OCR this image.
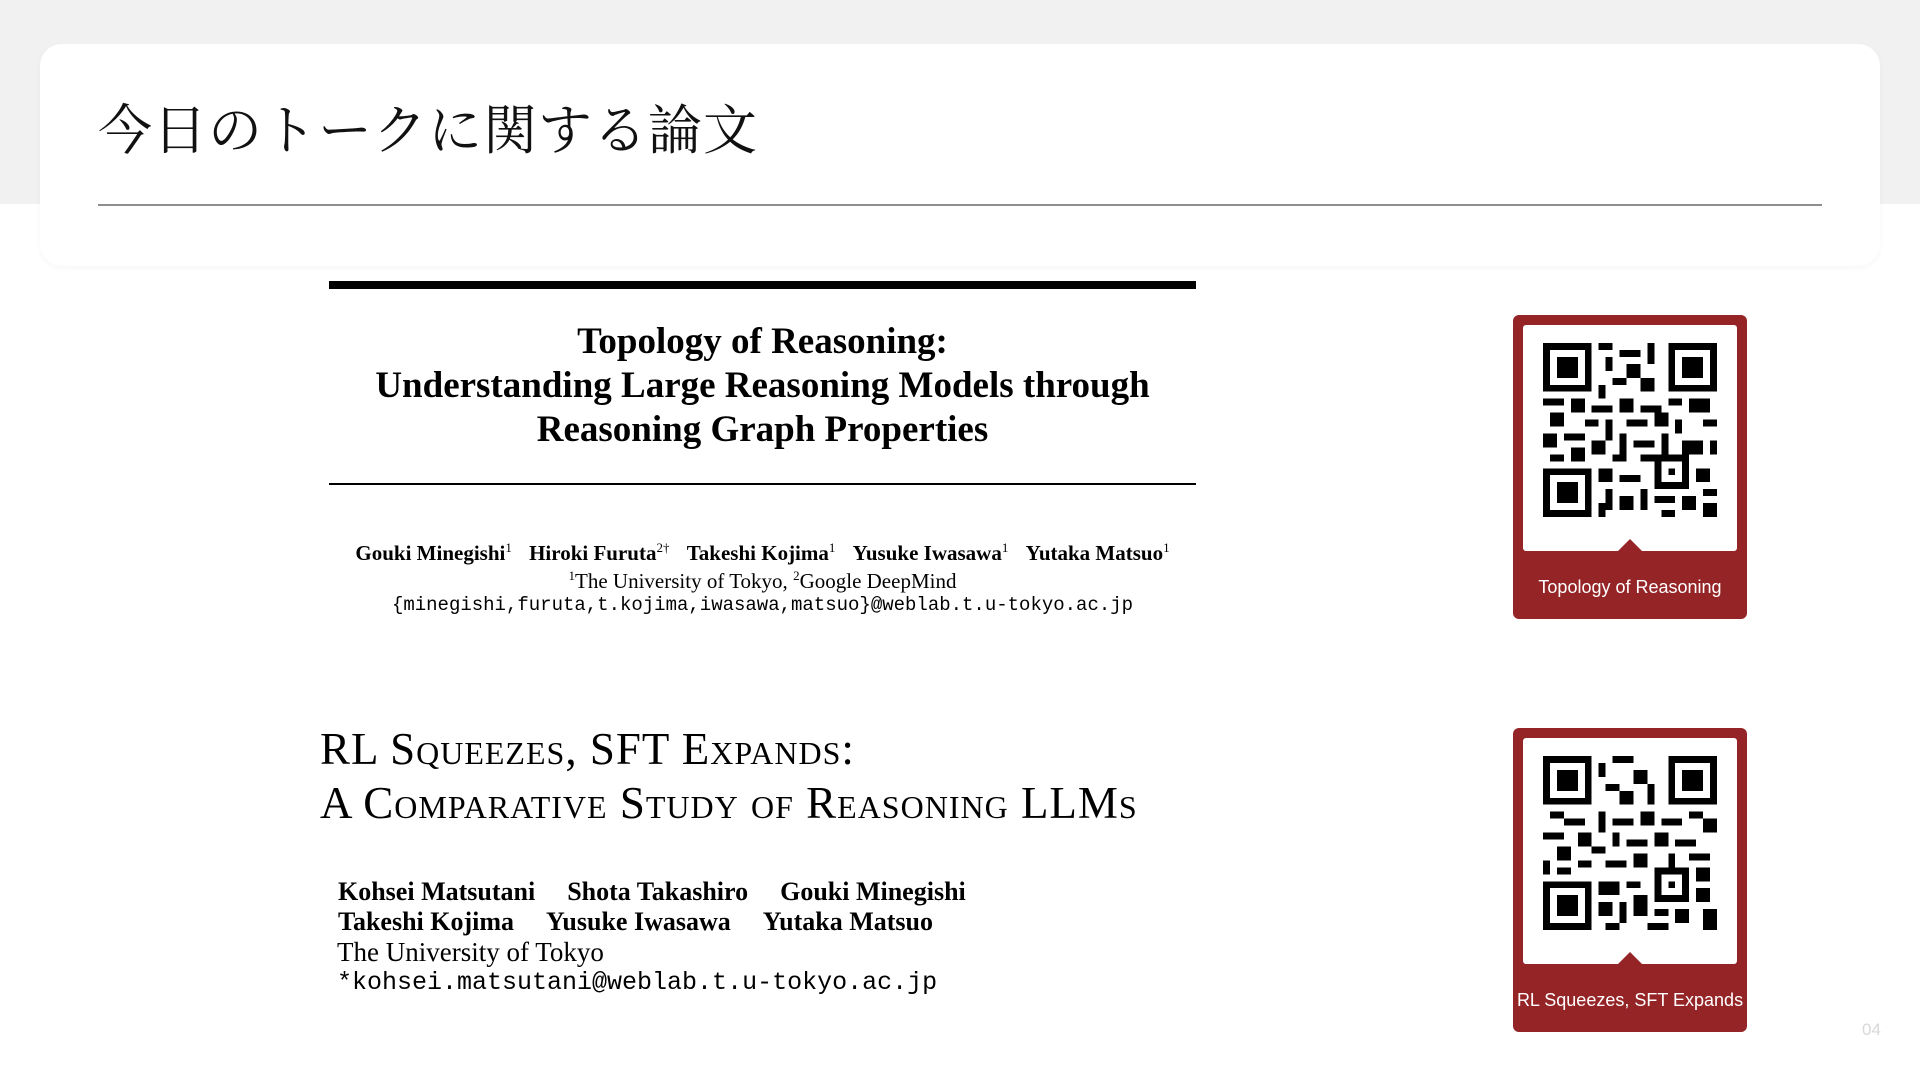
今日のトークに関する論文
Topology of Reasoning:
Understanding Large Reasoning Models through
Reasoning Graph Properties
Gouki Minegishi$^1$ Hiroki Furuta$^{2\dagger}$ Takeshi Kojima$^1$ Yusuke Iwasawa$^1$ Yutaka Matsuo$^1$
$^1$The University of Tokyo, $^2$Google DeepMind
{minegishi,furuta,t.kojima,iwasawa,matsuo}@weblab.t.u-tokyo.ac.jp
RL Squeezes, SFT Expands:
A Comparative Study of Reasoning LLMs
Kohsei Matsutani Shota Takashiro Gouki Minegishi
Takeshi Kojima Yusuke Iwasawa Yutaka Matsuo
The University of Tokyo
*kohsei.matsutani@weblab.t.u-tokyo.ac.jp
Topology of Reasoning
RL Squeezes, SFT Expands
04
